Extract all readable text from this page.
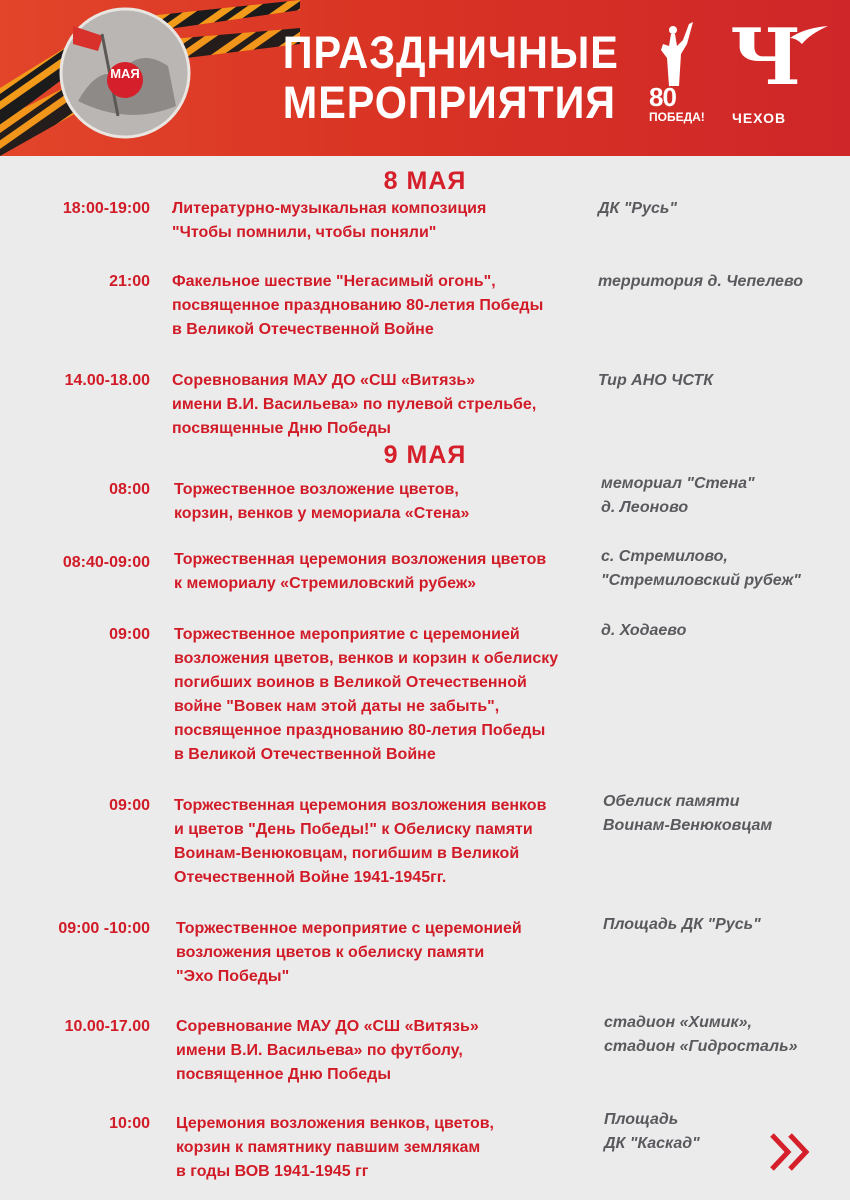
МАЯ	ПРАЗДНИЧНЫЕ
МЕРОПРИЯТИЯ 80
ПОБЕДА!
Ч
ЧЕХОВ
8 МАЯ
18:00-19:00 Литературно-музыкальная композиция
"Чтобы помнили, чтобы поняли"
ДК "Русь"
21:00 Факельное шествие "Негасимый огонь",
посвященное празднованию 80-летия Победы
в Великой Отечественной Войне
территория д. Чепелево
14.00-18.00 Соревнования МАУ ДО «СШ «Витязь»
имени В.И. Васильева» по пулевой стрельбе,
посвященные Дню Победы
Тир АНО ЧСТК
9 МАЯ
08:00 Торжественное возложение цветов,
корзин, венков у мемориала «Стена»
мемориал "Стена"
д. Леоново
08:40-09:00 Торжественная церемония возложения цветов
к мемориалу «Стремиловский рубеж»
с. Стремилово,
"Стремиловский рубеж"
09:00 Торжественное мероприятие с церемонией
возложения цветов, венков и корзин к обелиску
погибших воинов в Великой Отечественной
войне "Вовек нам этой даты не забыть",
посвященное празднованию 80-летия Победы
в Великой Отечественной Войне
д. Ходаево
09:00 Торжественная церемония возложения венков
и цветов "День Победы!" к Обелиску памяти
Воинам-Венюковцам, погибшим в Великой
Отечественной Войне 1941-1945гг.
Обелиск памяти
Воинам-Венюковцам
09:00 -10:00 Торжественное мероприятие с церемонией
возложения цветов к обелиску памяти
"Эхо Победы"
Площадь ДК "Русь"
10.00-17.00 Соревнование МАУ ДО «СШ «Витязь»
имени В.И. Васильева» по футболу,
посвященное Дню Победы
стадион «Химик»,
стадион «Гидросталь»
10:00 Церемония возложения венков, цветов,
корзин к памятнику павшим землякам
в годы ВОВ 1941-1945 гг
Площадь
ДК "Каскад"
